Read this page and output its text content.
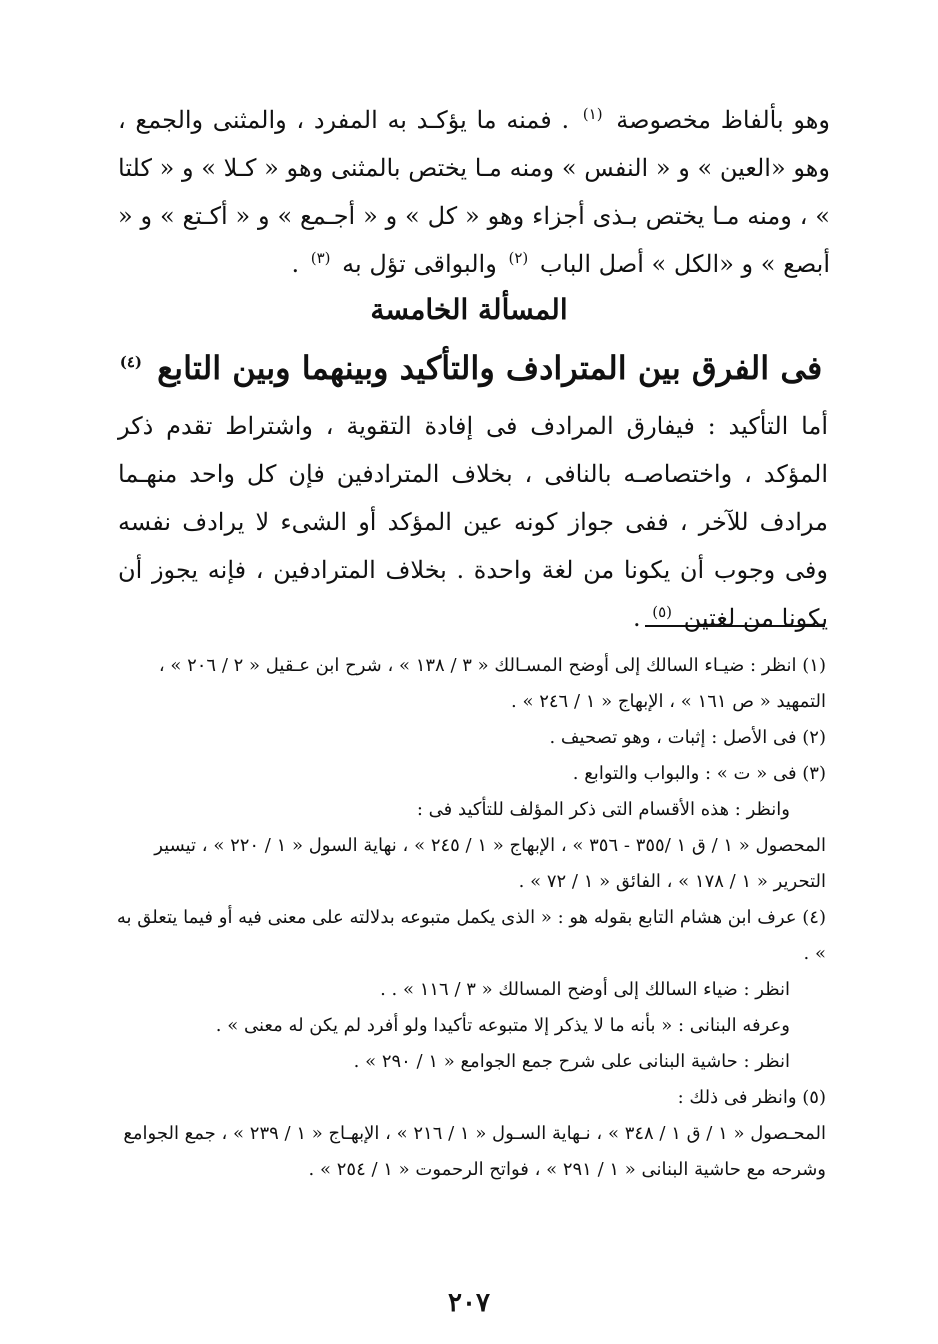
وهو بألفاظ مخصوصة $^{(١)}$ . فمنه ما يؤكـد به المفرد ، والمثنى والجمع ، وهو «العين » و « النفس » ومنه مـا يختص بالمثنى وهو « كـلا » و « كلتا » ، ومنه مـا يختص بـذى أجزاء وهو « كل » و « أجـمع » و « أكـتع » و « أبصع » و «الكل » أصل الباب $^{(٢)}$ والبواقى تؤل به $^{(٣)}$ .

المسألة الخامسة
فى الفرق بين المترادف والتأكيد وبينهما وبين التابع $^{(٤)}$

أما التأكيد : فيفارق المرادف فى إفادة التقوية ، واشتراط تقدم ذكر المؤكد ، واختصاصـه بالنافى ، بخلاف المترادفين فإن كل واحد منهـما مرادف للآخر ، ففى جواز كونه عين المؤكد أو الشىء لا يرادف نفسه وفى وجوب أن يكونا من لغة واحدة . بخلاف المترادفين ، فإنه يجوز أن يكونا من لغتين $^{(٥)}$ .

(١) انظر : ضيـاء السالك إلى أوضح المسـالك « ٣ / ١٣٨ » ، شرح ابن عـقيل « ٢ / ٢٠٦ » ، التمهيد « ص ١٦١ » ، الإبهاج « ١ / ٢٤٦ » .

(٢) فى الأصل : إثبات ، وهو تصحيف .

(٣) فى « ت » : والبواب والتوابع .

وانظر : هذه الأقسام التى ذكر المؤلف للتأكيد فى :

المحصول « ١ / ق ١ /٣٥٥ - ٣٥٦ » ، الإبهاج « ١ / ٢٤٥ » ، نهاية السول « ١ / ٢٢٠ » ، تيسير التحرير « ١ / ١٧٨ » ، الفائق « ١ / ٧٢ » .

(٤) عرف ابن هشام التابع بقوله هو : « الذى يكمل متبوعه بدلالته على معنى فيه أو فيما يتعلق به » .

انظر : ضياء السالك إلى أوضح المسالك « ٣ / ١١٦ » . .

وعرفه البنانى : « بأنه ما لا يذكر إلا متبوعه تأكيدا ولو أفرد لم يكن له معنى » .

انظر : حاشية البنانى على شرح جمع الجوامع « ١ / ٢٩٠ » .

(٥) وانظر فى ذلك :

المحـصول « ١ / ق ١ / ٣٤٨ » ، نـهاية السـول « ١ / ٢١٦ » ، الإبهـاج « ١ / ٢٣٩ » ، جمع الجوامع وشرحه مع حاشية البنانى « ١ / ٢٩١ » ، فواتح الرحموت « ١ / ٢٥٤ » .

٢٠٧
